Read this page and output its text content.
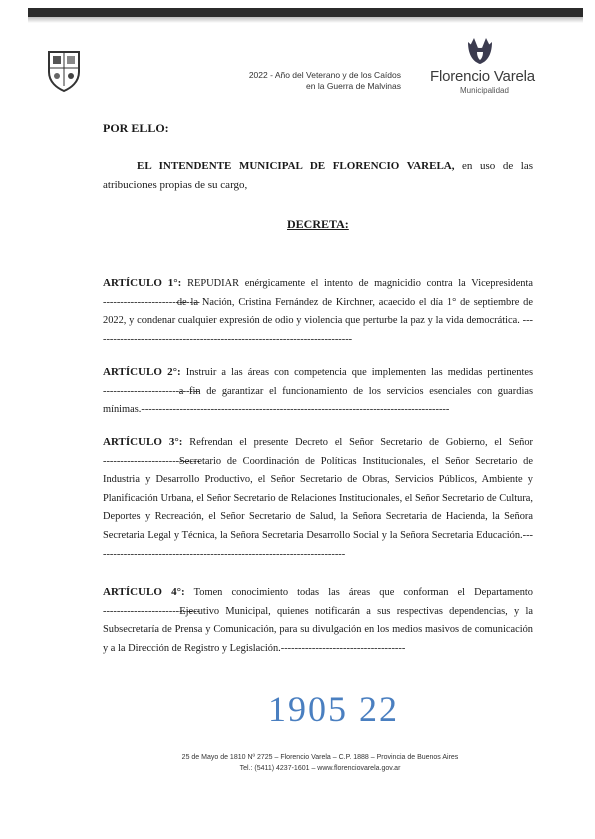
2022 - Año del Veterano y de los Caídos
en la Guerra de Malvinas
Florencio Varela
Municipalidad
POR ELLO:
EL INTENDENTE MUNICIPAL DE FLORENCIO VARELA, en uso de las atribuciones propias de su cargo,
DECRETA:
ARTÍCULO 1°: REPUDIAR enérgicamente el intento de magnicidio contra la Vicepresidenta ---------------------------- de la Nación, Cristina Fernández de Kirchner, acaecido el día 1° de septiembre de 2022, y condenar cualquier expresión de odio y violencia que perturbe la paz y la vida democrática. ---------------------------------------------------------------------------
ARTÍCULO 2°: Instruir a las áreas con competencia que implementen las medidas pertinentes ---------------------------- a fin de garantizar el funcionamiento de los servicios esenciales con guardias mínimas.-----------------------------------------------------------------------------------------
ARTÍCULO 3°: Refrendan el presente Decreto el Señor Secretario de Gobierno, el Señor ---------------------------- Secretario de Coordinación de Políticas Institucionales, el Señor Secretario de Industria y Desarrollo Productivo, el Señor Secretario de Obras, Servicios Públicos, Ambiente y Planificación Urbana, el Señor Secretario de Relaciones Institucionales, el Señor Secretario de Cultura, Deportes y Recreación, el Señor Secretario de Salud, la Señora Secretaria de Hacienda, la Señora Secretaria Legal y Técnica, la Señora Secretaria Desarrollo Social y la Señora Secretaria Educación.-------------------------------------------------------------------------
ARTÍCULO 4°: Tomen conocimiento todas las áreas que conforman el Departamento ---------------------------- Ejecutivo Municipal, quienes notificarán a sus respectivas dependencias, y la Subsecretaría de Prensa y Comunicación, para su divulgación en los medios masivos de comunicación y a la Dirección de Registro y Legislación.------------------------------------
1905 22
25 de Mayo de 1810 Nº 2725 – Florencio Varela – C.P. 1888 – Provincia de Buenos Aires
Tel.: (5411) 4237-1601 – www.florenciovarela.gov.ar
